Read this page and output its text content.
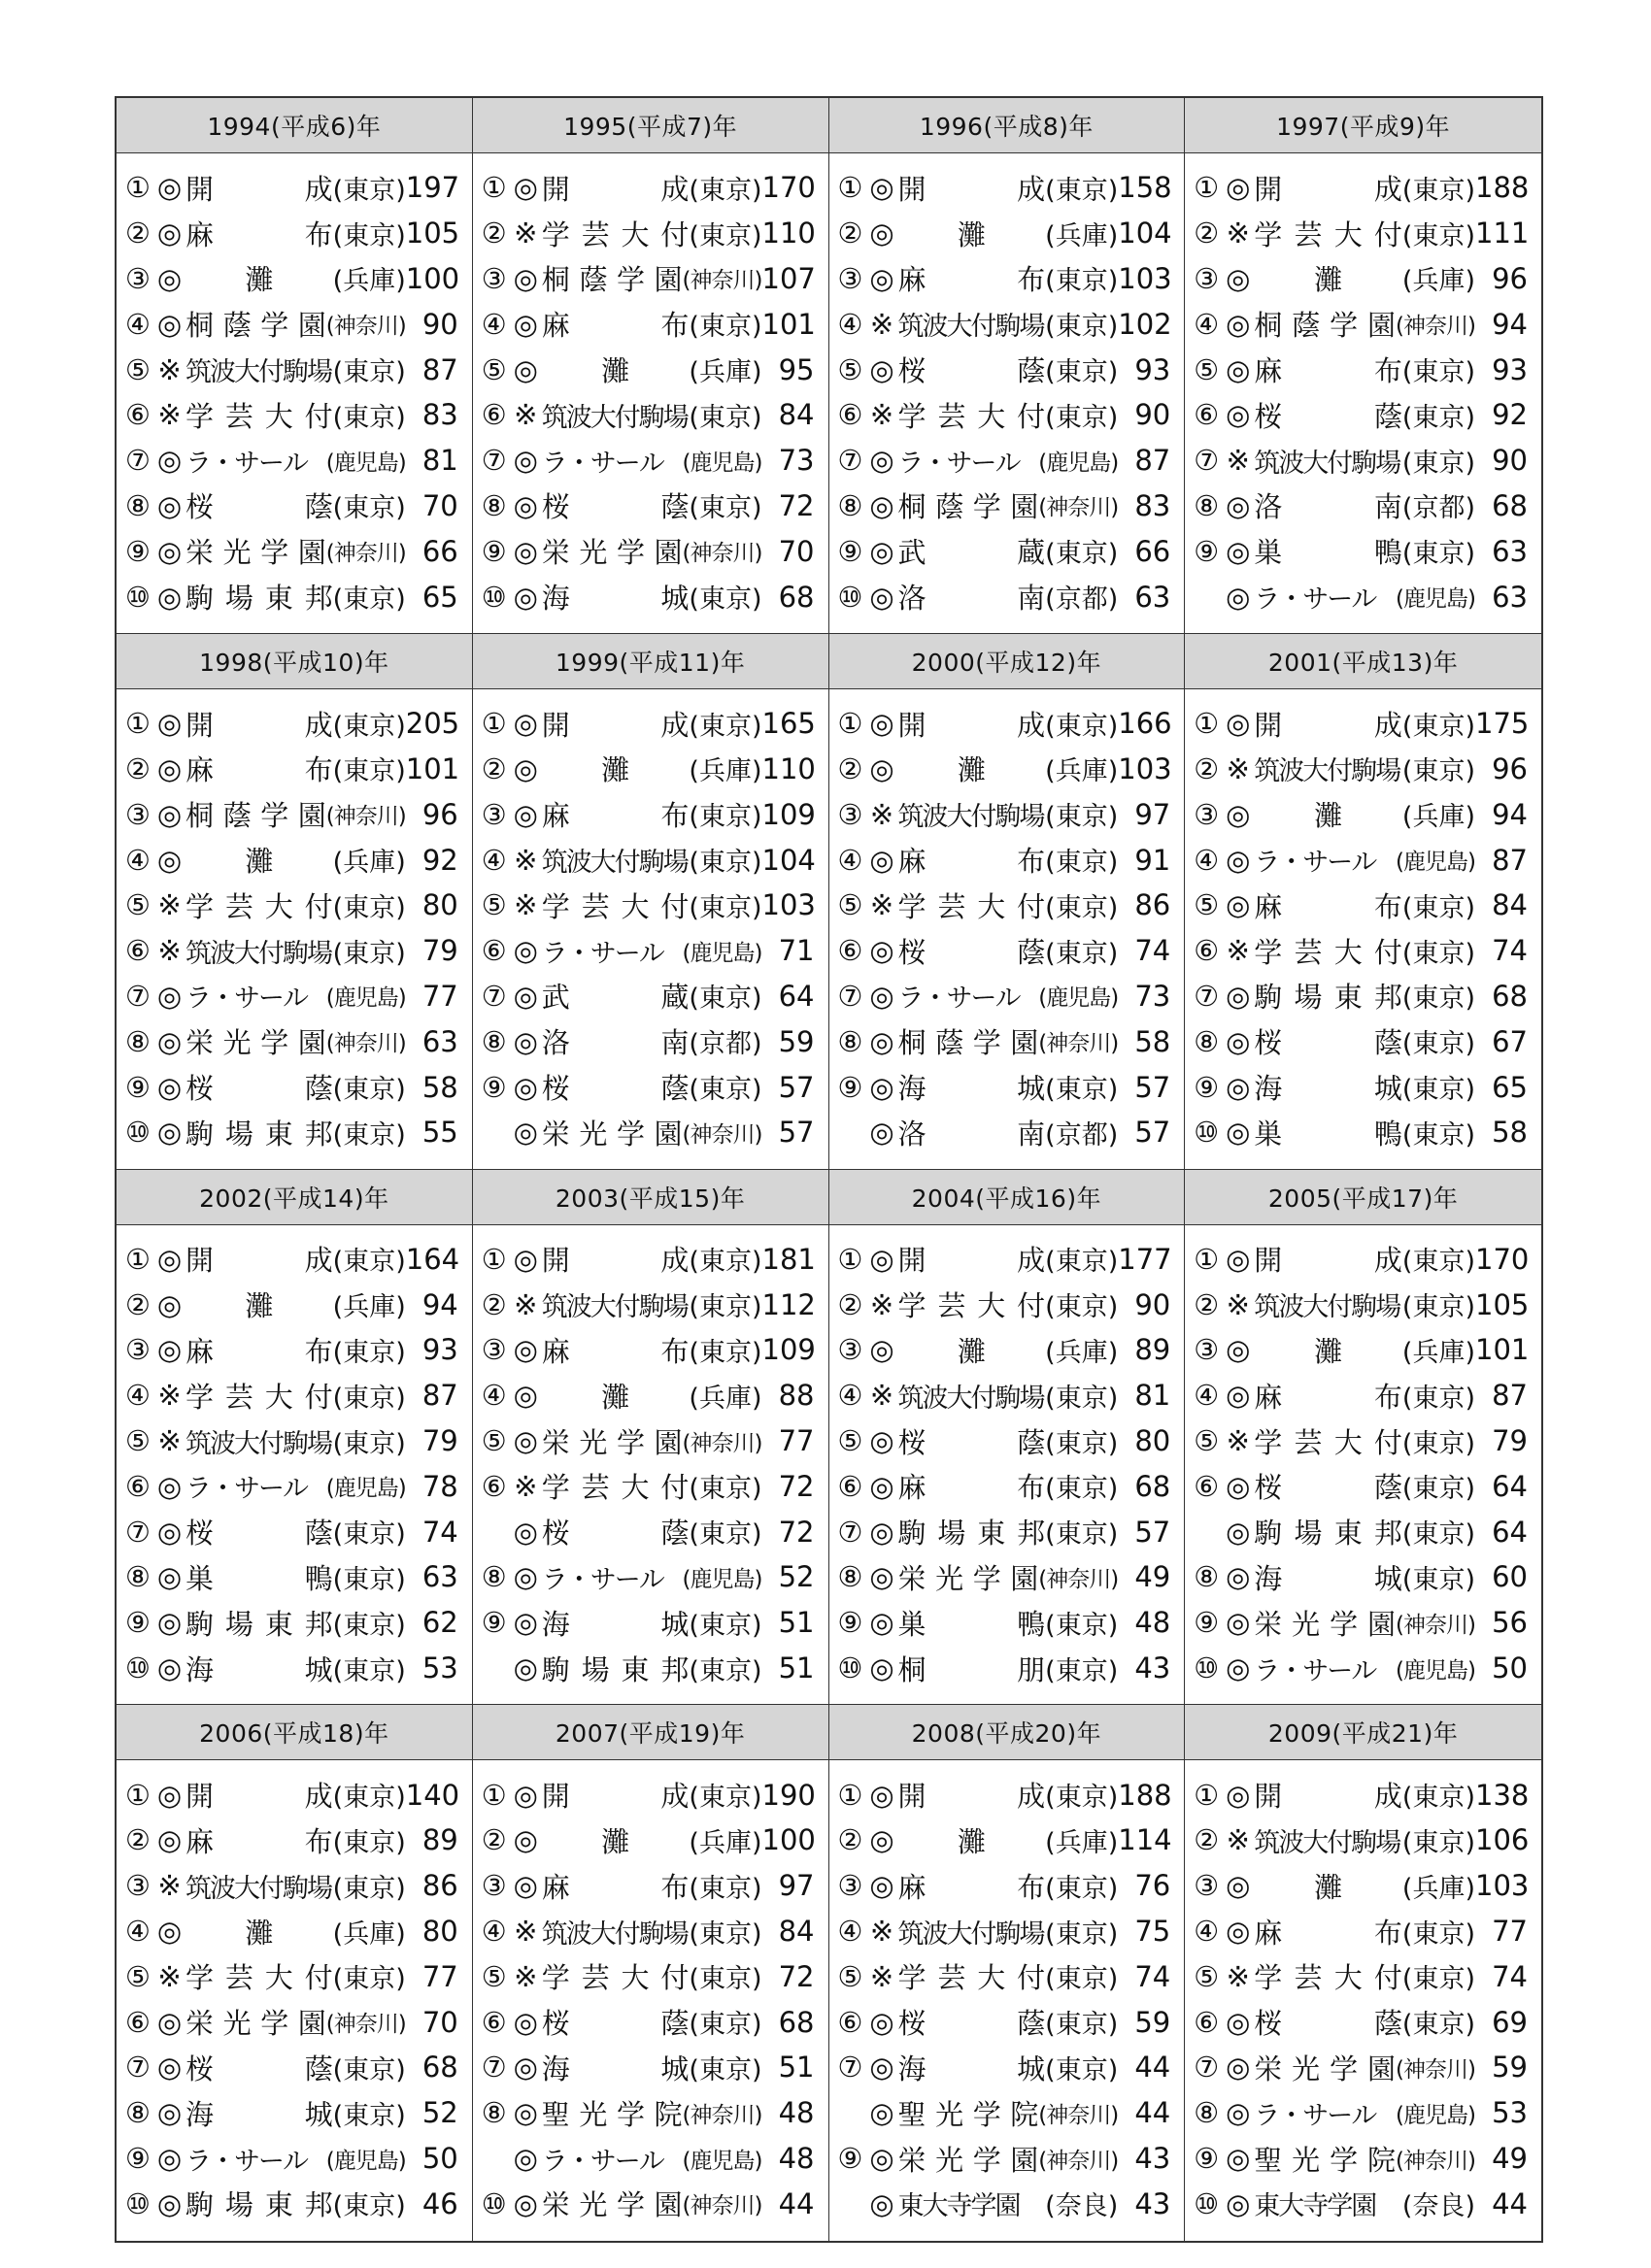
1994(平成6)年
① ◎ 開	成 (東京) 197
② ◎ 麻	布 (東京) 105
③ ◎ 灘 (兵庫) 100
④ ◎ 桐 蔭 学 園 (神奈川) 90
⑤ ※ 筑 波 大 付 駒 場 (東京) 87
⑥ ※ 学 芸 大 付 (東京) 83
⑦ ◎ ラ ・ サ ー ル (鹿児島) 81
⑧ ◎ 桜	蔭 (東京) 70
⑨ ◎ 栄 光 学 園 (神奈川) 66
⑩ ◎ 駒 場 東 邦 (東京) 65
1995(平成7)年
① ◎ 開	成 (東京) 170
② ※ 学 芸 大 付 (東京) 110
③ ◎ 桐 蔭 学 園 (神奈川) 107
④ ◎ 麻	布 (東京) 101
⑤ ◎ 灘 (兵庫) 95
⑥ ※ 筑 波 大 付 駒 場 (東京) 84
⑦ ◎ ラ ・ サ ー ル (鹿児島) 73
⑧ ◎ 桜	蔭 (東京) 72
⑨ ◎ 栄 光 学 園 (神奈川) 70
⑩ ◎ 海	城 (東京) 68
1996(平成8)年
① ◎ 開	成 (東京) 158
② ◎ 灘 (兵庫) 104
③ ◎ 麻	布 (東京) 103
④ ※ 筑 波 大 付 駒 場 (東京) 102
⑤ ◎ 桜	蔭 (東京) 93
⑥ ※ 学 芸 大 付 (東京) 90
⑦ ◎ ラ ・ サ ー ル (鹿児島) 87
⑧ ◎ 桐 蔭 学 園 (神奈川) 83
⑨ ◎ 武	蔵 (東京) 66
⑩ ◎ 洛	南 (京都) 63
1997(平成9)年
① ◎ 開	成 (東京) 188
② ※ 学 芸 大 付 (東京) 111
③ ◎ 灘 (兵庫) 96
④ ◎ 桐 蔭 学 園 (神奈川) 94
⑤ ◎ 麻	布 (東京) 93
⑥ ◎ 桜	蔭 (東京) 92
⑦ ※ 筑 波 大 付 駒 場 (東京) 90
⑧ ◎ 洛	南 (京都) 68
⑨ ◎ 巣	鴨 (東京) 63
◎ ラ ・ サ ー ル (鹿児島) 63
1998(平成10)年
① ◎ 開	成 (東京) 205
② ◎ 麻	布 (東京) 101
③ ◎ 桐 蔭 学 園 (神奈川) 96
④ ◎ 灘 (兵庫) 92
⑤ ※ 学 芸 大 付 (東京) 80
⑥ ※ 筑 波 大 付 駒 場 (東京) 79
⑦ ◎ ラ ・ サ ー ル (鹿児島) 77
⑧ ◎ 栄 光 学 園 (神奈川) 63
⑨ ◎ 桜	蔭 (東京) 58
⑩ ◎ 駒 場 東 邦 (東京) 55
1999(平成11)年
① ◎ 開	成 (東京) 165
② ◎ 灘 (兵庫) 110
③ ◎ 麻	布 (東京) 109
④ ※ 筑 波 大 付 駒 場 (東京) 104
⑤ ※ 学 芸 大 付 (東京) 103
⑥ ◎ ラ ・ サ ー ル (鹿児島) 71
⑦ ◎ 武	蔵 (東京) 64
⑧ ◎ 洛	南 (京都) 59
⑨ ◎ 桜	蔭 (東京) 57
◎ 栄 光 学 園 (神奈川) 57
2000(平成12)年
① ◎ 開	成 (東京) 166
② ◎ 灘 (兵庫) 103
③ ※ 筑 波 大 付 駒 場 (東京) 97
④ ◎ 麻	布 (東京) 91
⑤ ※ 学 芸 大 付 (東京) 86
⑥ ◎ 桜	蔭 (東京) 74
⑦ ◎ ラ ・ サ ー ル (鹿児島) 73
⑧ ◎ 桐 蔭 学 園 (神奈川) 58
⑨ ◎ 海	城 (東京) 57
◎ 洛	南 (京都) 57
2001(平成13)年
① ◎ 開	成 (東京) 175
② ※ 筑 波 大 付 駒 場 (東京) 96
③ ◎ 灘 (兵庫) 94
④ ◎ ラ ・ サ ー ル (鹿児島) 87
⑤ ◎ 麻	布 (東京) 84
⑥ ※ 学 芸 大 付 (東京) 74
⑦ ◎ 駒 場 東 邦 (東京) 68
⑧ ◎ 桜	蔭 (東京) 67
⑨ ◎ 海	城 (東京) 65
⑩ ◎ 巣	鴨 (東京) 58
2002(平成14)年
① ◎ 開	成 (東京) 164
② ◎ 灘 (兵庫) 94
③ ◎ 麻	布 (東京) 93
④ ※ 学 芸 大 付 (東京) 87
⑤ ※ 筑 波 大 付 駒 場 (東京) 79
⑥ ◎ ラ ・ サ ー ル (鹿児島) 78
⑦ ◎ 桜	蔭 (東京) 74
⑧ ◎ 巣	鴨 (東京) 63
⑨ ◎ 駒 場 東 邦 (東京) 62
⑩ ◎ 海	城 (東京) 53
2003(平成15)年
① ◎ 開	成 (東京) 181
② ※ 筑 波 大 付 駒 場 (東京) 112
③ ◎ 麻	布 (東京) 109
④ ◎ 灘 (兵庫) 88
⑤ ◎ 栄 光 学 園 (神奈川) 77
⑥ ※ 学 芸 大 付 (東京) 72
◎ 桜	蔭 (東京) 72
⑧ ◎ ラ ・ サ ー ル (鹿児島) 52
⑨ ◎ 海	城 (東京) 51
◎ 駒 場 東 邦 (東京) 51
2004(平成16)年
① ◎ 開	成 (東京) 177
② ※ 学 芸 大 付 (東京) 90
③ ◎ 灘 (兵庫) 89
④ ※ 筑 波 大 付 駒 場 (東京) 81
⑤ ◎ 桜	蔭 (東京) 80
⑥ ◎ 麻	布 (東京) 68
⑦ ◎ 駒 場 東 邦 (東京) 57
⑧ ◎ 栄 光 学 園 (神奈川) 49
⑨ ◎ 巣	鴨 (東京) 48
⑩ ◎ 桐	朋 (東京) 43
2005(平成17)年
① ◎ 開	成 (東京) 170
② ※ 筑 波 大 付 駒 場 (東京) 105
③ ◎ 灘 (兵庫) 101
④ ◎ 麻	布 (東京) 87
⑤ ※ 学 芸 大 付 (東京) 79
⑥ ◎ 桜	蔭 (東京) 64
◎ 駒 場 東 邦 (東京) 64
⑧ ◎ 海	城 (東京) 60
⑨ ◎ 栄 光 学 園 (神奈川) 56
⑩ ◎ ラ ・ サ ー ル (鹿児島) 50
2006(平成18)年
① ◎ 開	成 (東京) 140
② ◎ 麻	布 (東京) 89
③ ※ 筑 波 大 付 駒 場 (東京) 86
④ ◎ 灘 (兵庫) 80
⑤ ※ 学 芸 大 付 (東京) 77
⑥ ◎ 栄 光 学 園 (神奈川) 70
⑦ ◎ 桜	蔭 (東京) 68
⑧ ◎ 海	城 (東京) 52
⑨ ◎ ラ ・ サ ー ル (鹿児島) 50
⑩ ◎ 駒 場 東 邦 (東京) 46
2007(平成19)年
① ◎ 開	成 (東京) 190
② ◎ 灘 (兵庫) 100
③ ◎ 麻	布 (東京) 97
④ ※ 筑 波 大 付 駒 場 (東京) 84
⑤ ※ 学 芸 大 付 (東京) 72
⑥ ◎ 桜	蔭 (東京) 68
⑦ ◎ 海	城 (東京) 51
⑧ ◎ 聖 光 学 院 (神奈川) 48
◎ ラ ・ サ ー ル (鹿児島) 48
⑩ ◎ 栄 光 学 園 (神奈川) 44
2008(平成20)年
① ◎ 開	成 (東京) 188
② ◎ 灘 (兵庫) 114
③ ◎ 麻	布 (東京) 76
④ ※ 筑 波 大 付 駒 場 (東京) 75
⑤ ※ 学 芸 大 付 (東京) 74
⑥ ◎ 桜	蔭 (東京) 59
⑦ ◎ 海	城 (東京) 44
◎ 聖 光 学 院 (神奈川) 44
⑨ ◎ 栄 光 学 園 (神奈川) 43
◎ 東 大 寺 学 園 (奈良) 43
2009(平成21)年
① ◎ 開	成 (東京) 138
② ※ 筑 波 大 付 駒 場 (東京) 106
③ ◎ 灘 (兵庫) 103
④ ◎ 麻	布 (東京) 77
⑤ ※ 学 芸 大 付 (東京) 74
⑥ ◎ 桜	蔭 (東京) 69
⑦ ◎ 栄 光 学 園 (神奈川) 59
⑧ ◎ ラ ・ サ ー ル (鹿児島) 53
⑨ ◎ 聖 光 学 院 (神奈川) 49
⑩ ◎ 東 大 寺 学 園 (奈良) 44
